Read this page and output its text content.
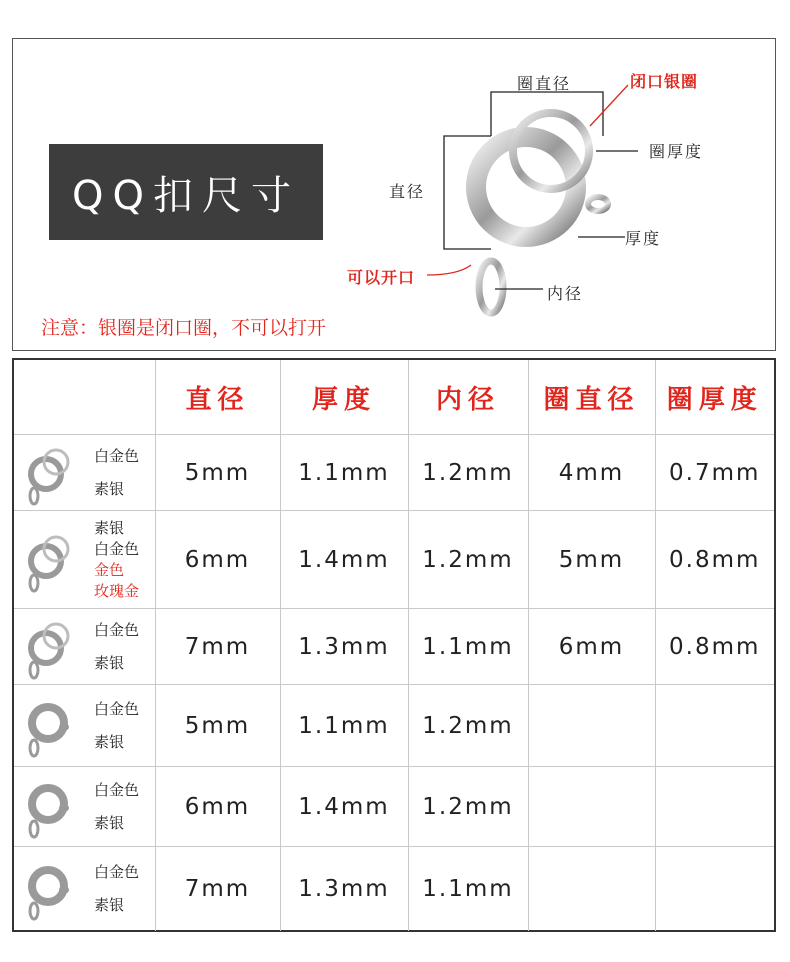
QQ扣尺寸
圈直径	闭口银圈
圈厚度
直径
厚度
可以开口
内径
注意：银圈是闭口圈，不可以打开
	直径	厚度	内径	圈直径	圈厚度

白金色
素银	5mm	1.1mm	1.2mm	4mm	0.7mm

素银
白金色
金色
玫瑰金	6mm	1.4mm	1.2mm	5mm	0.8mm

白金色
素银	7mm	1.3mm	1.1mm	6mm	0.8mm

白金色
素银	5mm	1.1mm	1.2mm		

白金色
素银	6mm	1.4mm	1.2mm		

白金色
素银	7mm	1.3mm	1.1mm		
